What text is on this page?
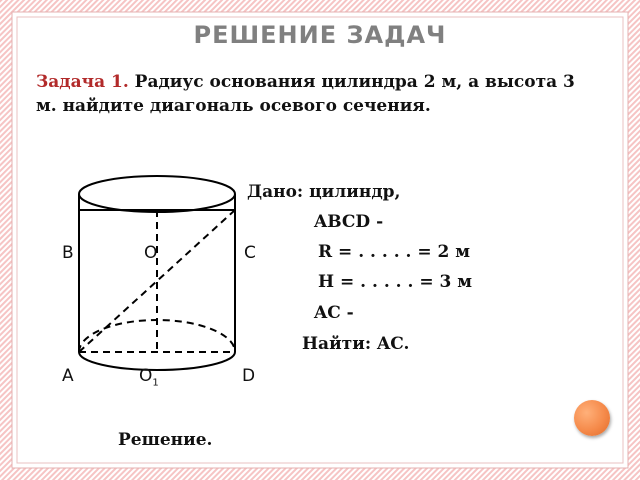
РЕШЕНИЕ ЗАДАЧ
Задача 1. Радиус основания цилиндра 2 м, а высота 3 м. найдите диагональ осевого сечения.
B	O	C
A	$O_1$	D
Дано: цилиндр,
ABCD -
R = . . . . . = 2 м
H = . . . . . = 3 м
AC -
Найти: AC.
Решение.
